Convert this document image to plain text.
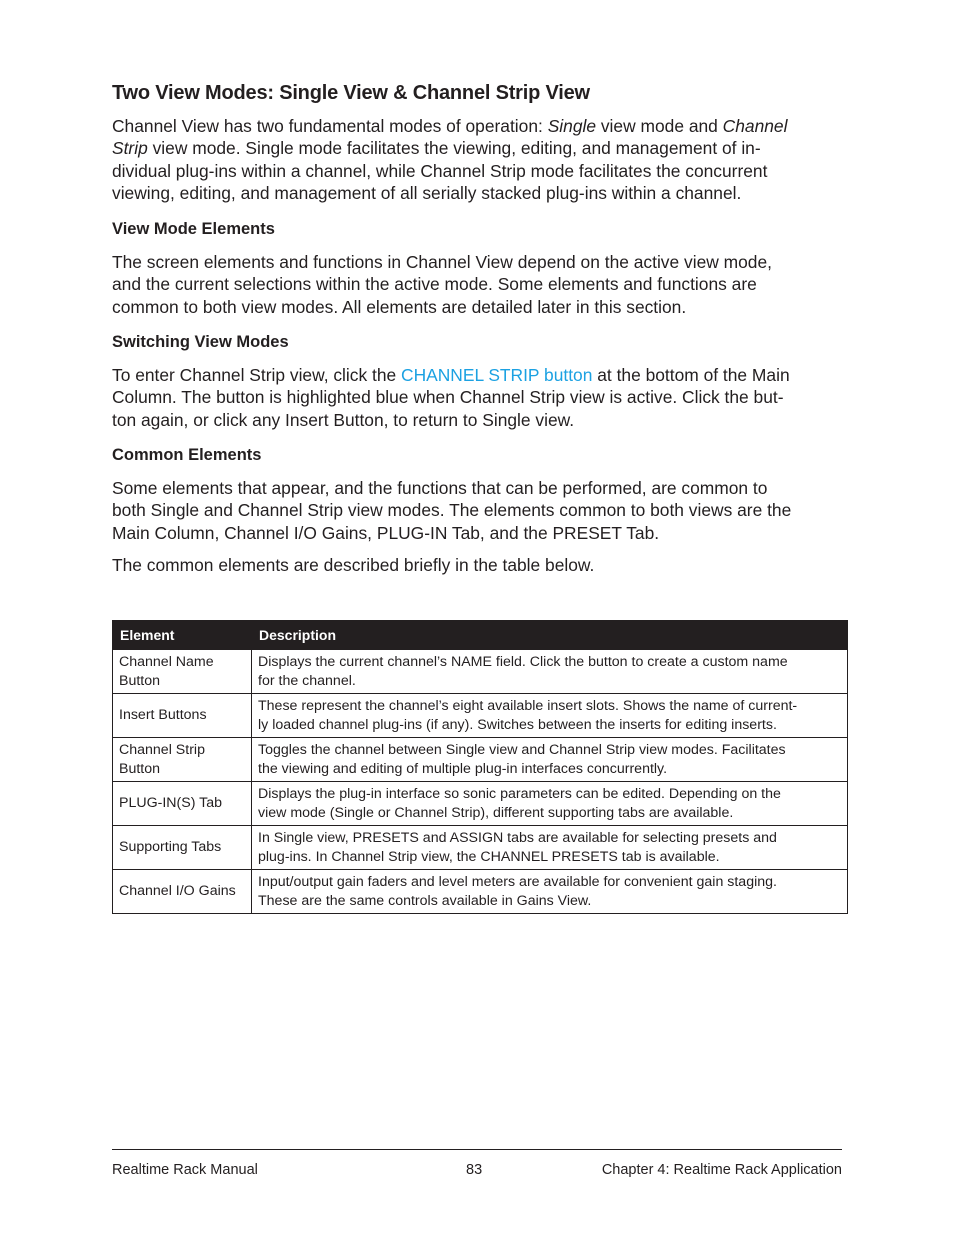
Two View Modes: Single View & Channel Strip View

Channel View has two fundamental modes of operation: Single view mode and Channel
Strip view mode. Single mode facilitates the viewing, editing, and management of in-
dividual plug-ins within a channel, while Channel Strip mode facilitates the concurrent
viewing, editing, and management of all serially stacked plug-ins within a channel.

View Mode Elements

The screen elements and functions in Channel View depend on the active view mode,
and the current selections within the active mode. Some elements and functions are
common to both view modes. All elements are detailed later in this section.

Switching View Modes

To enter Channel Strip view, click the CHANNEL STRIP button at the bottom of the Main
Column. The button is highlighted blue when Channel Strip view is active. Click the but-
ton again, or click any Insert Button, to return to Single view.

Common Elements

Some elements that appear, and the functions that can be performed, are common to
both Single and Channel Strip view modes. The elements common to both views are the
Main Column, Channel I/O Gains, PLUG-IN Tab, and the PRESET Tab.

The common elements are described briefly in the table below.

Element	Description

Channel Name
Button	Displays the current channel’s NAME field. Click the button to create a custom name
for the channel.

Insert Buttons	These represent the channel’s eight available insert slots. Shows the name of current-
ly loaded channel plug-ins (if any). Switches between the inserts for editing inserts.

Channel Strip
Button	Toggles the channel between Single view and Channel Strip view modes. Facilitates
the viewing and editing of multiple plug-in interfaces concurrently.

PLUG-IN(S) Tab	Displays the plug-in interface so sonic parameters can be edited. Depending on the
view mode (Single or Channel Strip), different supporting tabs are available.

Supporting Tabs	In Single view, PRESETS and ASSIGN tabs are available for selecting presets and
plug-ins. In Channel Strip view, the CHANNEL PRESETS tab is available.

Channel I/O Gains	Input/output gain faders and level meters are available for convenient gain staging.
These are the same controls available in Gains View.
Realtime Rack Manual	83	Chapter 4: Realtime Rack Application
